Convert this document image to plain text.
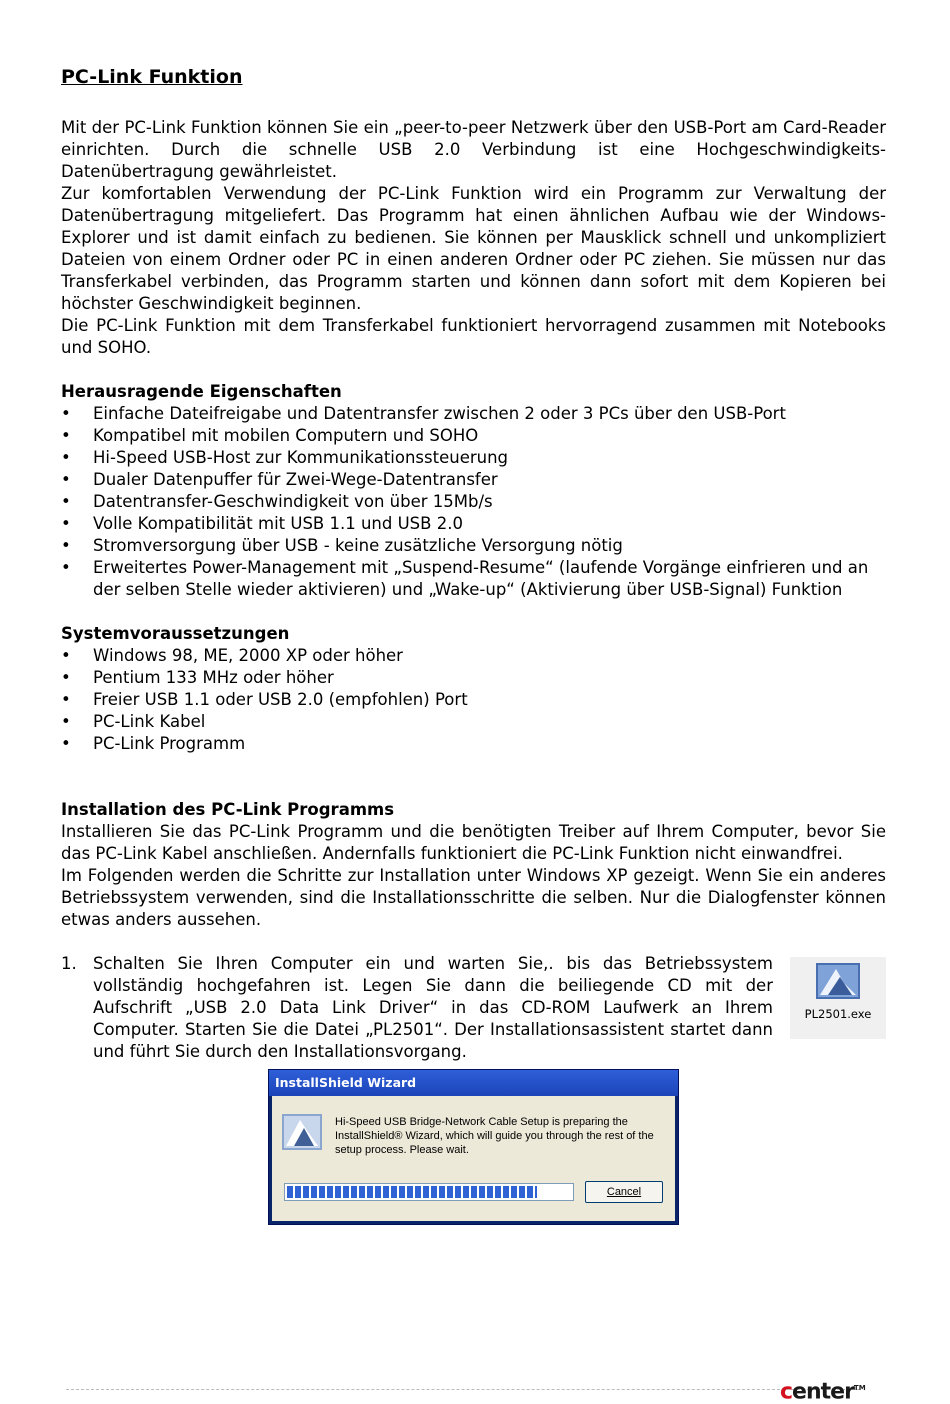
PC-Link Funktion

Mit der PC-Link Funktion können Sie ein „peer-to-peer Netzwerk über den USB-Port am Card-Reader einrichten. Durch die schnelle USB 2.0 Verbindung ist eine Hochgeschwindigkeits-Datenübertragung gewährleistet.

Zur komfortablen Verwendung der PC-Link Funktion wird ein Programm zur Verwaltung der Datenübertragung mitgeliefert. Das Programm hat einen ähnlichen Aufbau wie der Windows-Explorer und ist damit einfach zu bedienen. Sie können per Mausklick schnell und unkompliziert Dateien von einem Ordner oder PC in einen anderen Ordner oder PC ziehen. Sie müssen nur das Transferkabel verbinden, das Programm starten und können dann sofort mit dem Kopieren bei höchster Geschwindigkeit beginnen.

Die PC-Link Funktion mit dem Transferkabel funktioniert hervorragend zusammen mit Notebooks und SOHO.

Herausragende Eigenschaften
• Einfache Dateifreigabe und Datentransfer zwischen 2 oder 3 PCs über den USB-Port
• Kompatibel mit mobilen Computern und SOHO
• Hi-Speed USB-Host zur Kommunikationssteuerung
• Dualer Datenpuffer für Zwei-Wege-Datentransfer
• Datentransfer-Geschwindigkeit von über 15Mb/s
• Volle Kompatibilität mit USB 1.1 und USB 2.0
• Stromversorgung über USB - keine zusätzliche Versorgung nötig
• Erweitertes Power-Management mit „Suspend-Resume“ (laufende Vorgänge einfrieren und an der selben Stelle wieder aktivieren) und „Wake-up“ (Aktivierung über USB-Signal) Funktion
Systemvoraussetzungen
• Windows 98, ME, 2000 XP oder höher
• Pentium 133 MHz oder höher
• Freier USB 1.1 oder USB 2.0 (empfohlen) Port
• PC-Link Kabel
• PC-Link Programm
Installation des PC-Link Programms

Installieren Sie das PC-Link Programm und die benötigten Treiber auf Ihrem Computer, bevor Sie das PC-Link Kabel anschließen. Andernfalls funktioniert die PC-Link Funktion nicht einwandfrei.

Im Folgenden werden die Schritte zur Installation unter Windows XP gezeigt. Wenn Sie ein anderes Betriebssystem verwenden, sind die Installationsschritte die selben. Nur die Dialogfenster können etwas anders aussehen.

1. Schalten Sie Ihren Computer ein und warten Sie,. bis das Betriebssystem vollständig hochgefahren ist. Legen Sie dann die beiliegende CD mit der Aufschrift „USB 2.0 Data Link Driver“ in das CD-ROM Laufwerk an Ihrem Computer. Starten Sie die Datei „PL2501“. Der Installationsassistent startet dann und führt Sie durch den Installationsvorgang.
PL2501.exe
InstallShield Wizard
Hi-Speed USB Bridge-Network Cable Setup is preparing the InstallShield® Wizard, which will guide you through the rest of the setup process. Please wait.
Cancel
center™
